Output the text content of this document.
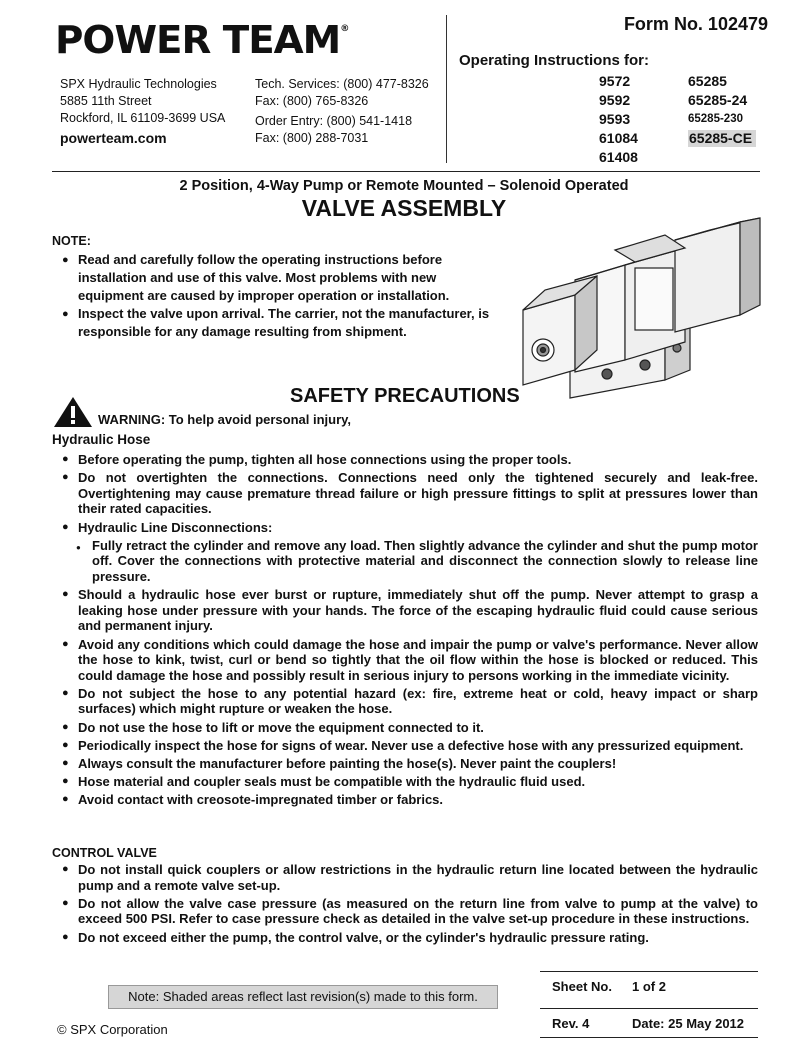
POWER TEAM®
SPX Hydraulic Technologies
5885 11th Street
Rockford, IL 61109-3699 USA
powerteam.com
Tech. Services: (800) 477-8326
Fax: (800) 765-8326
Order Entry: (800) 541-1418
Fax: (800) 288-7031
Form No. 102479
Operating Instructions for:
9572
9592
9593
61084
61408
65285
65285-24
65285-230
65285-CE
2 Position, 4-Way Pump or Remote Mounted – Solenoid Operated
VALVE ASSEMBLY
NOTE:
● Read and carefully follow the operating instructions before installation and use of this valve. Most problems with new equipment are caused by improper operation or installation.
● Inspect the valve upon arrival. The carrier, not the manufacturer, is responsible for any damage resulting from shipment.
SAFETY PRECAUTIONS
WARNING: To help avoid personal injury,
Hydraulic Hose
● Before operating the pump, tighten all hose connections using the proper tools.
● Do not overtighten the connections. Connections need only the tightened securely and leak-free. Overtightening may cause premature thread failure or high pressure fittings to split at pressures lower than their rated capacities.
● Hydraulic Line Disconnections:
● Fully retract the cylinder and remove any load. Then slightly advance the cylinder and shut the pump motor off. Cover the connections with protective material and disconnect the connection slowly to release line pressure.
● Should a hydraulic hose ever burst or rupture, immediately shut off the pump. Never attempt to grasp a leaking hose under pressure with your hands. The force of the escaping hydraulic fluid could cause serious and permanent injury.
● Avoid any conditions which could damage the hose and impair the pump or valve's performance. Never allow the hose to kink, twist, curl or bend so tightly that the oil flow within the hose is blocked or reduced. This could damage the hose and possibly result in serious injury to persons working in the immediate vicinity.
● Do not subject the hose to any potential hazard (ex: fire, extreme heat or cold, heavy impact or sharp surfaces) which might rupture or weaken the hose.
● Do not use the hose to lift or move the equipment connected to it.
● Periodically inspect the hose for signs of wear. Never use a defective hose with any pressurized equipment.
● Always consult the manufacturer before painting the hose(s). Never paint the couplers!
● Hose material and coupler seals must be compatible with the hydraulic fluid used.
● Avoid contact with creosote-impregnated timber or fabrics.
CONTROL VALVE
● Do not install quick couplers or allow restrictions in the hydraulic return line located between the hydraulic pump and a remote valve set-up.
● Do not allow the valve case pressure (as measured on the return line from valve to pump at the valve) to exceed 500 PSI. Refer to case pressure check as detailed in the valve set-up procedure in these instructions.
● Do not exceed either the pump, the control valve, or the cylinder's hydraulic pressure rating.
Note: Shaded areas reflect last revision(s) made to this form.
Sheet No.	1 of 2
Rev. 4	Date: 25 May 2012
© SPX Corporation
